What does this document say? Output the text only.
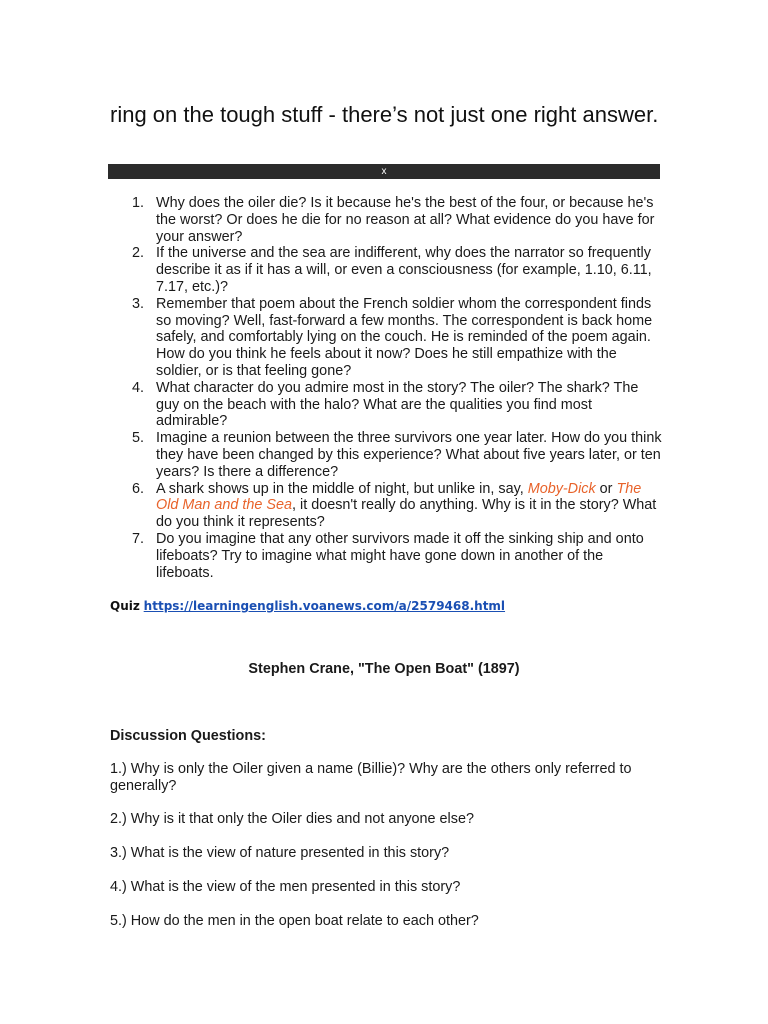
ring on the tough stuff - there’s not just one right answer.
x
1. Why does the oiler die? Is it because he's the best of the four, or because he's the worst? Or does he die for no reason at all? What evidence do you have for your answer?
2. If the universe and the sea are indifferent, why does the narrator so frequently describe it as if it has a will, or even a consciousness (for example, 1.10, 6.11, 7.17, etc.)?
3. Remember that poem about the French soldier whom the correspondent finds so moving? Well, fast-forward a few months. The correspondent is back home safely, and comfortably lying on the couch. He is reminded of the poem again. How do you think he feels about it now? Does he still empathize with the soldier, or is that feeling gone?
4. What character do you admire most in the story? The oiler? The shark? The guy on the beach with the halo? What are the qualities you find most admirable?
5. Imagine a reunion between the three survivors one year later. How do you think they have been changed by this experience? What about five years later, or ten years? Is there a difference?
6. A shark shows up in the middle of night, but unlike in, say, Moby-Dick or The Old Man and the Sea, it doesn't really do anything. Why is it in the story? What do you think it represents?
7. Do you imagine that any other survivors made it off the sinking ship and onto lifeboats? Try to imagine what might have gone down in another of the lifeboats.
Quiz https://learningenglish.voanews.com/a/2579468.html
Stephen Crane, "The Open Boat" (1897)
Discussion Questions:
1.) Why is only the Oiler given a name (Billie)? Why are the others only referred to generally?
2.) Why is it that only the Oiler dies and not anyone else?
3.) What is the view of nature presented in this story?
4.) What is the view of the men presented in this story?
5.) How do the men in the open boat relate to each other?
